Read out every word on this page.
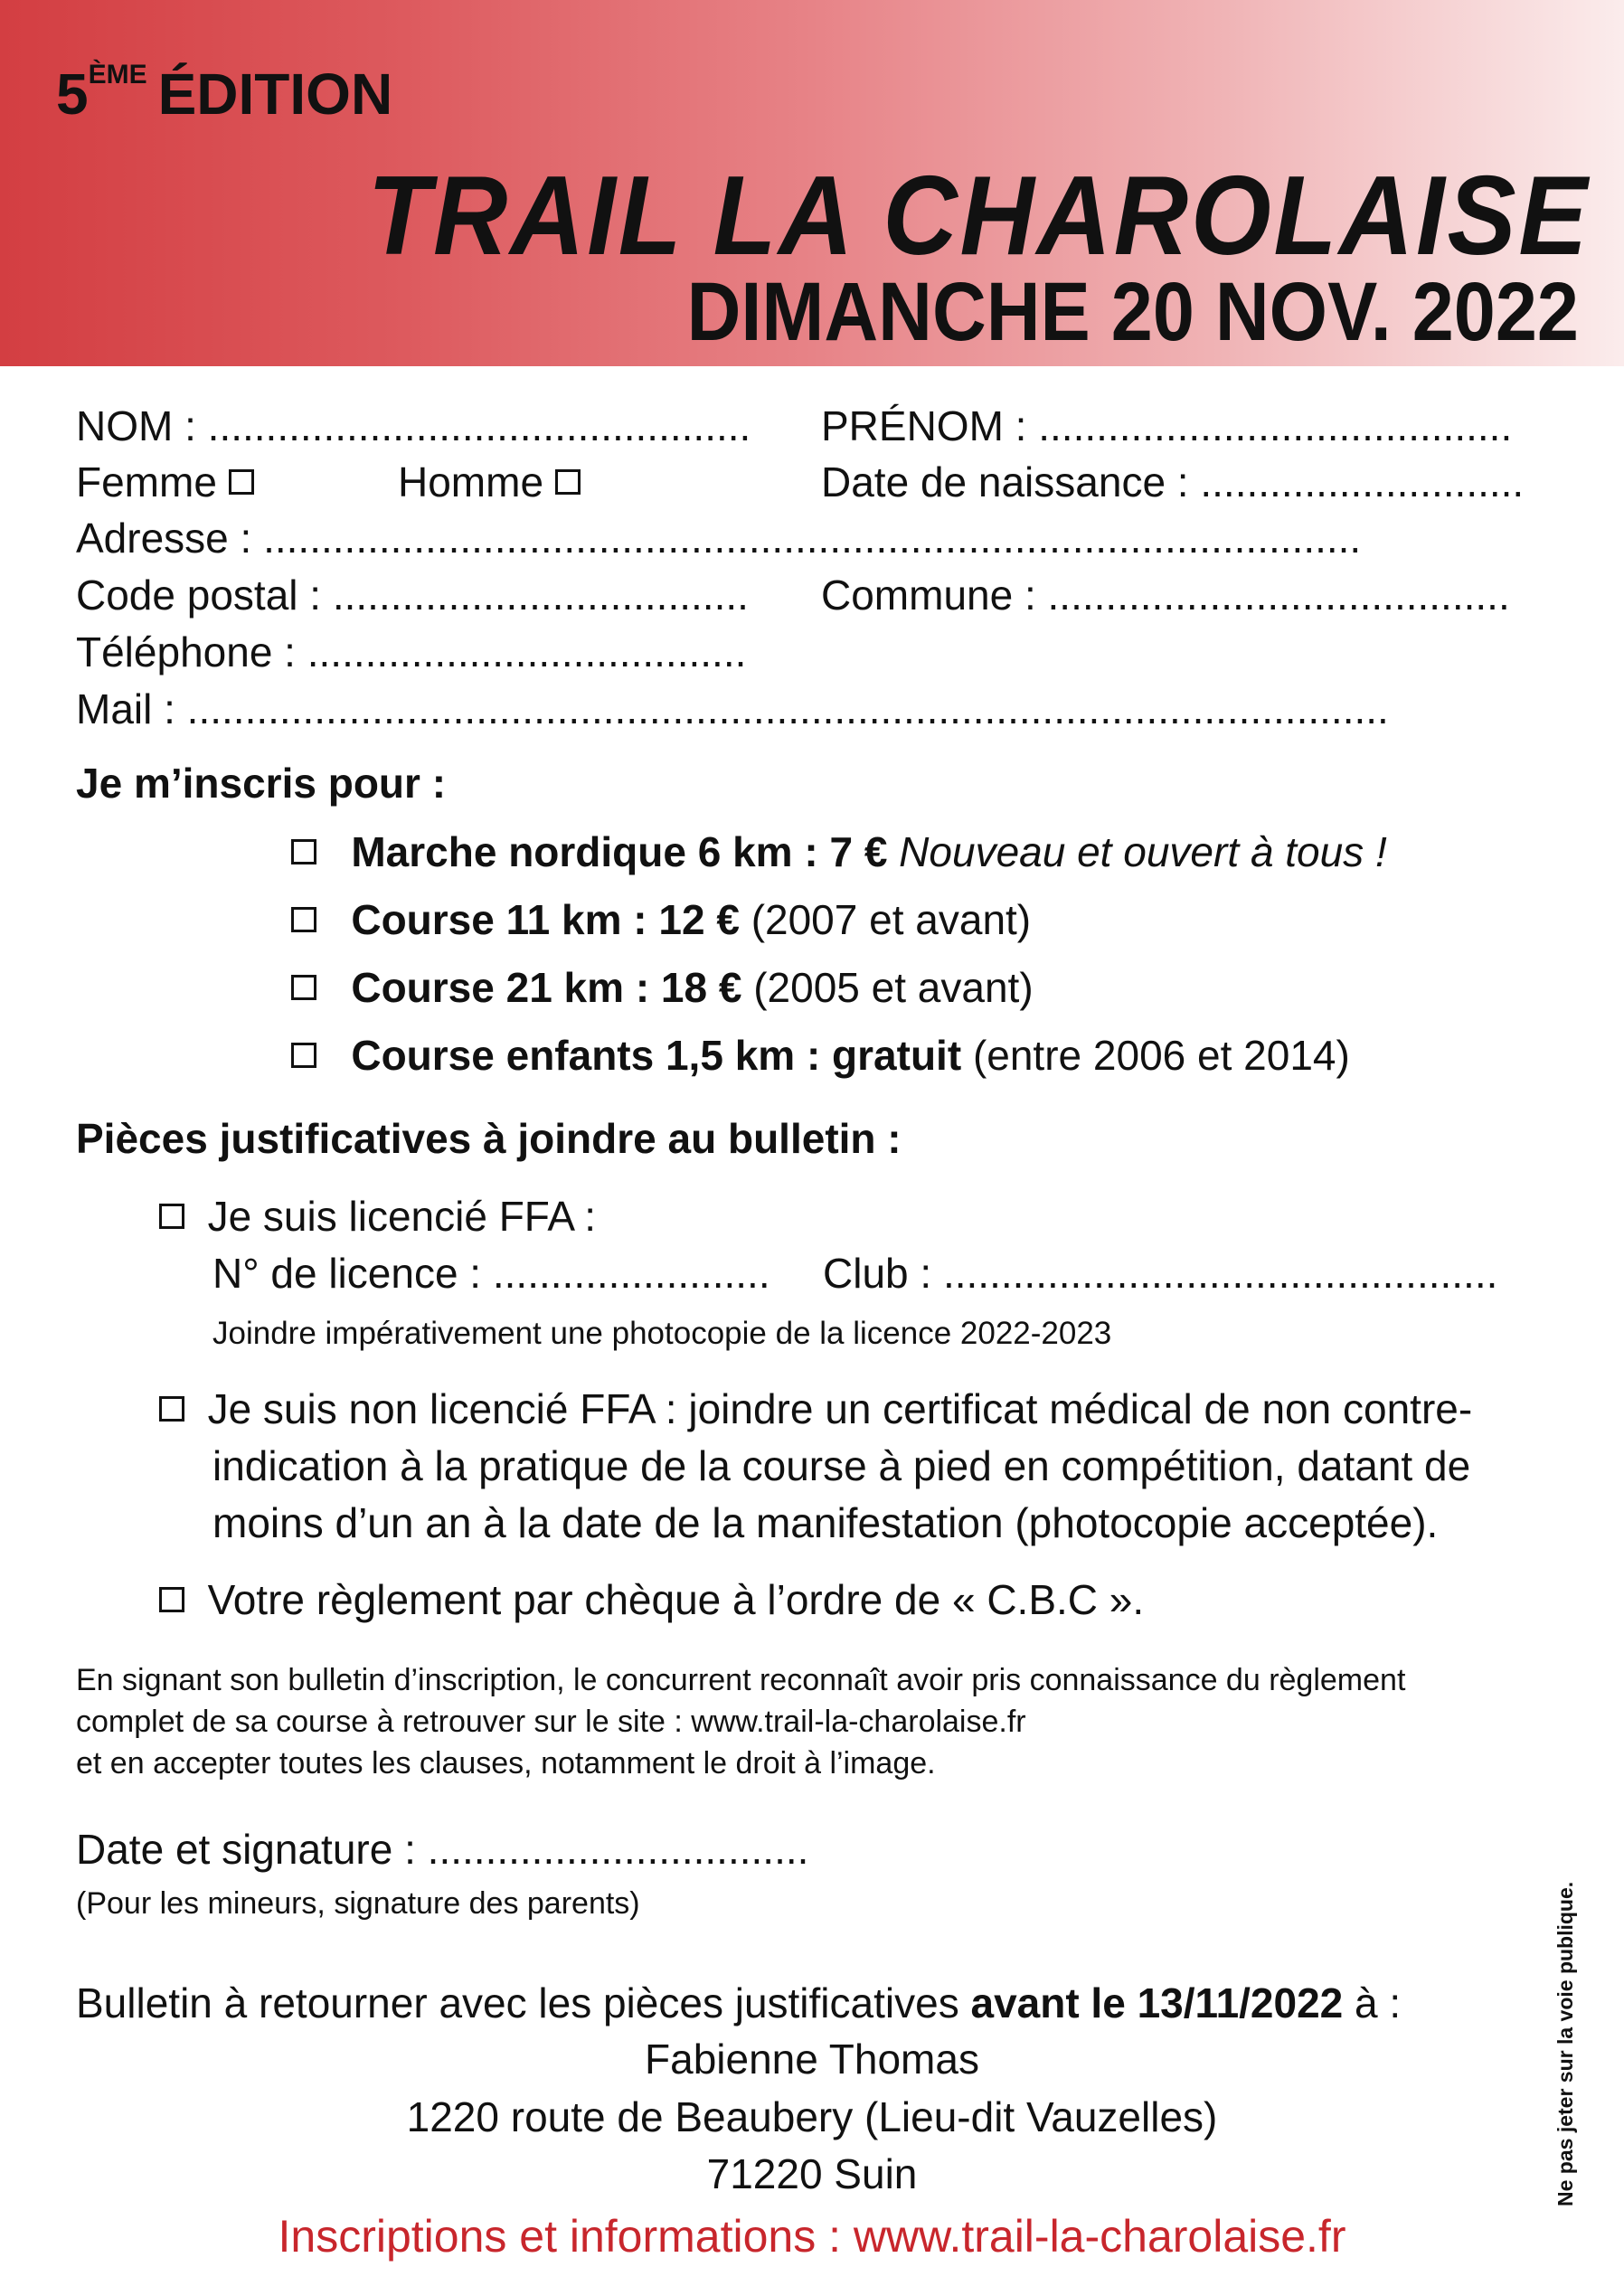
5ÈME ÉDITION
TRAIL LA CHAROLAISE
DIMANCHE 20 NOV. 2022
NOM : ............................................... PRÉNOM : .........................................
Femme	Homme	Date de naissance : ............................
Adresse : ...............................................................................................
Code postal : .................................... Commune : ........................................
Téléphone : ......................................
Mail : ........................................................................................................
Je m’inscris pour :
Marche nordique 6 km : 7 € Nouveau et ouvert à tous !
Course 11 km : 12 € (2007 et avant)
Course 21 km : 18 € (2005 et avant)
Course enfants 1,5 km : gratuit (entre 2006 et 2014)
Pièces justificatives à joindre au bulletin :
Je suis licencié FFA :
N° de licence : ........................ Club : ................................................
Joindre impérativement une photocopie de la licence 2022-2023
Je suis non licencié FFA : joindre un certificat médical de non contre-
indication à la pratique de la course à pied en compétition, datant de
moins d’un an à la date de la manifestation (photocopie acceptée).
Votre règlement par chèque à l’ordre de « C.B.C ».
En signant son bulletin d’inscription, le concurrent reconnaît avoir pris connaissance du règlement
complet de sa course à retrouver sur le site : www.trail-la-charolaise.fr
et en accepter toutes les clauses, notamment le droit à l’image.
Date et signature : .................................
(Pour les mineurs, signature des parents)
Bulletin à retourner avec les pièces justificatives avant le 13/11/2022 à :
Fabienne Thomas
1220 route de Beaubery (Lieu-dit Vauzelles)
71220 Suin
Inscriptions et informations : www.trail-la-charolaise.fr
Ne pas jeter sur la voie publique.
